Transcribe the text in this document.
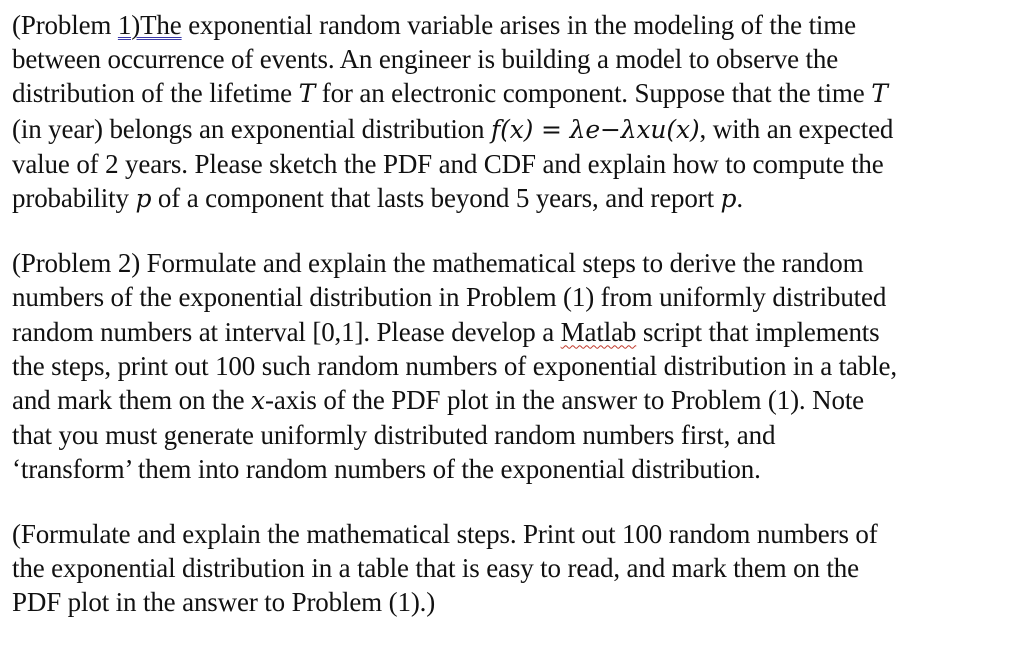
(Problem 1)The exponential random variable arises in the modeling of the time
between occurrence of events. An engineer is building a model to observe the
distribution of the lifetime T for an electronic component. Suppose that the time T
(in year) belongs an exponential distribution f(x) = λe−λxu(x), with an expected
value of 2 years. Please sketch the PDF and CDF and explain how to compute the
probability p of a component that lasts beyond 5 years, and report p.

(Problem 2) Formulate and explain the mathematical steps to derive the random
numbers of the exponential distribution in Problem (1) from uniformly distributed
random numbers at interval [0,1]. Please develop a Matlab script that implements
the steps, print out 100 such random numbers of exponential distribution in a table,
and mark them on the x-axis of the PDF plot in the answer to Problem (1). Note
that you must generate uniformly distributed random numbers first, and
‘transform’ them into random numbers of the exponential distribution.

(Formulate and explain the mathematical steps. Print out 100 random numbers of
the exponential distribution in a table that is easy to read, and mark them on the
PDF plot in the answer to Problem (1).)
